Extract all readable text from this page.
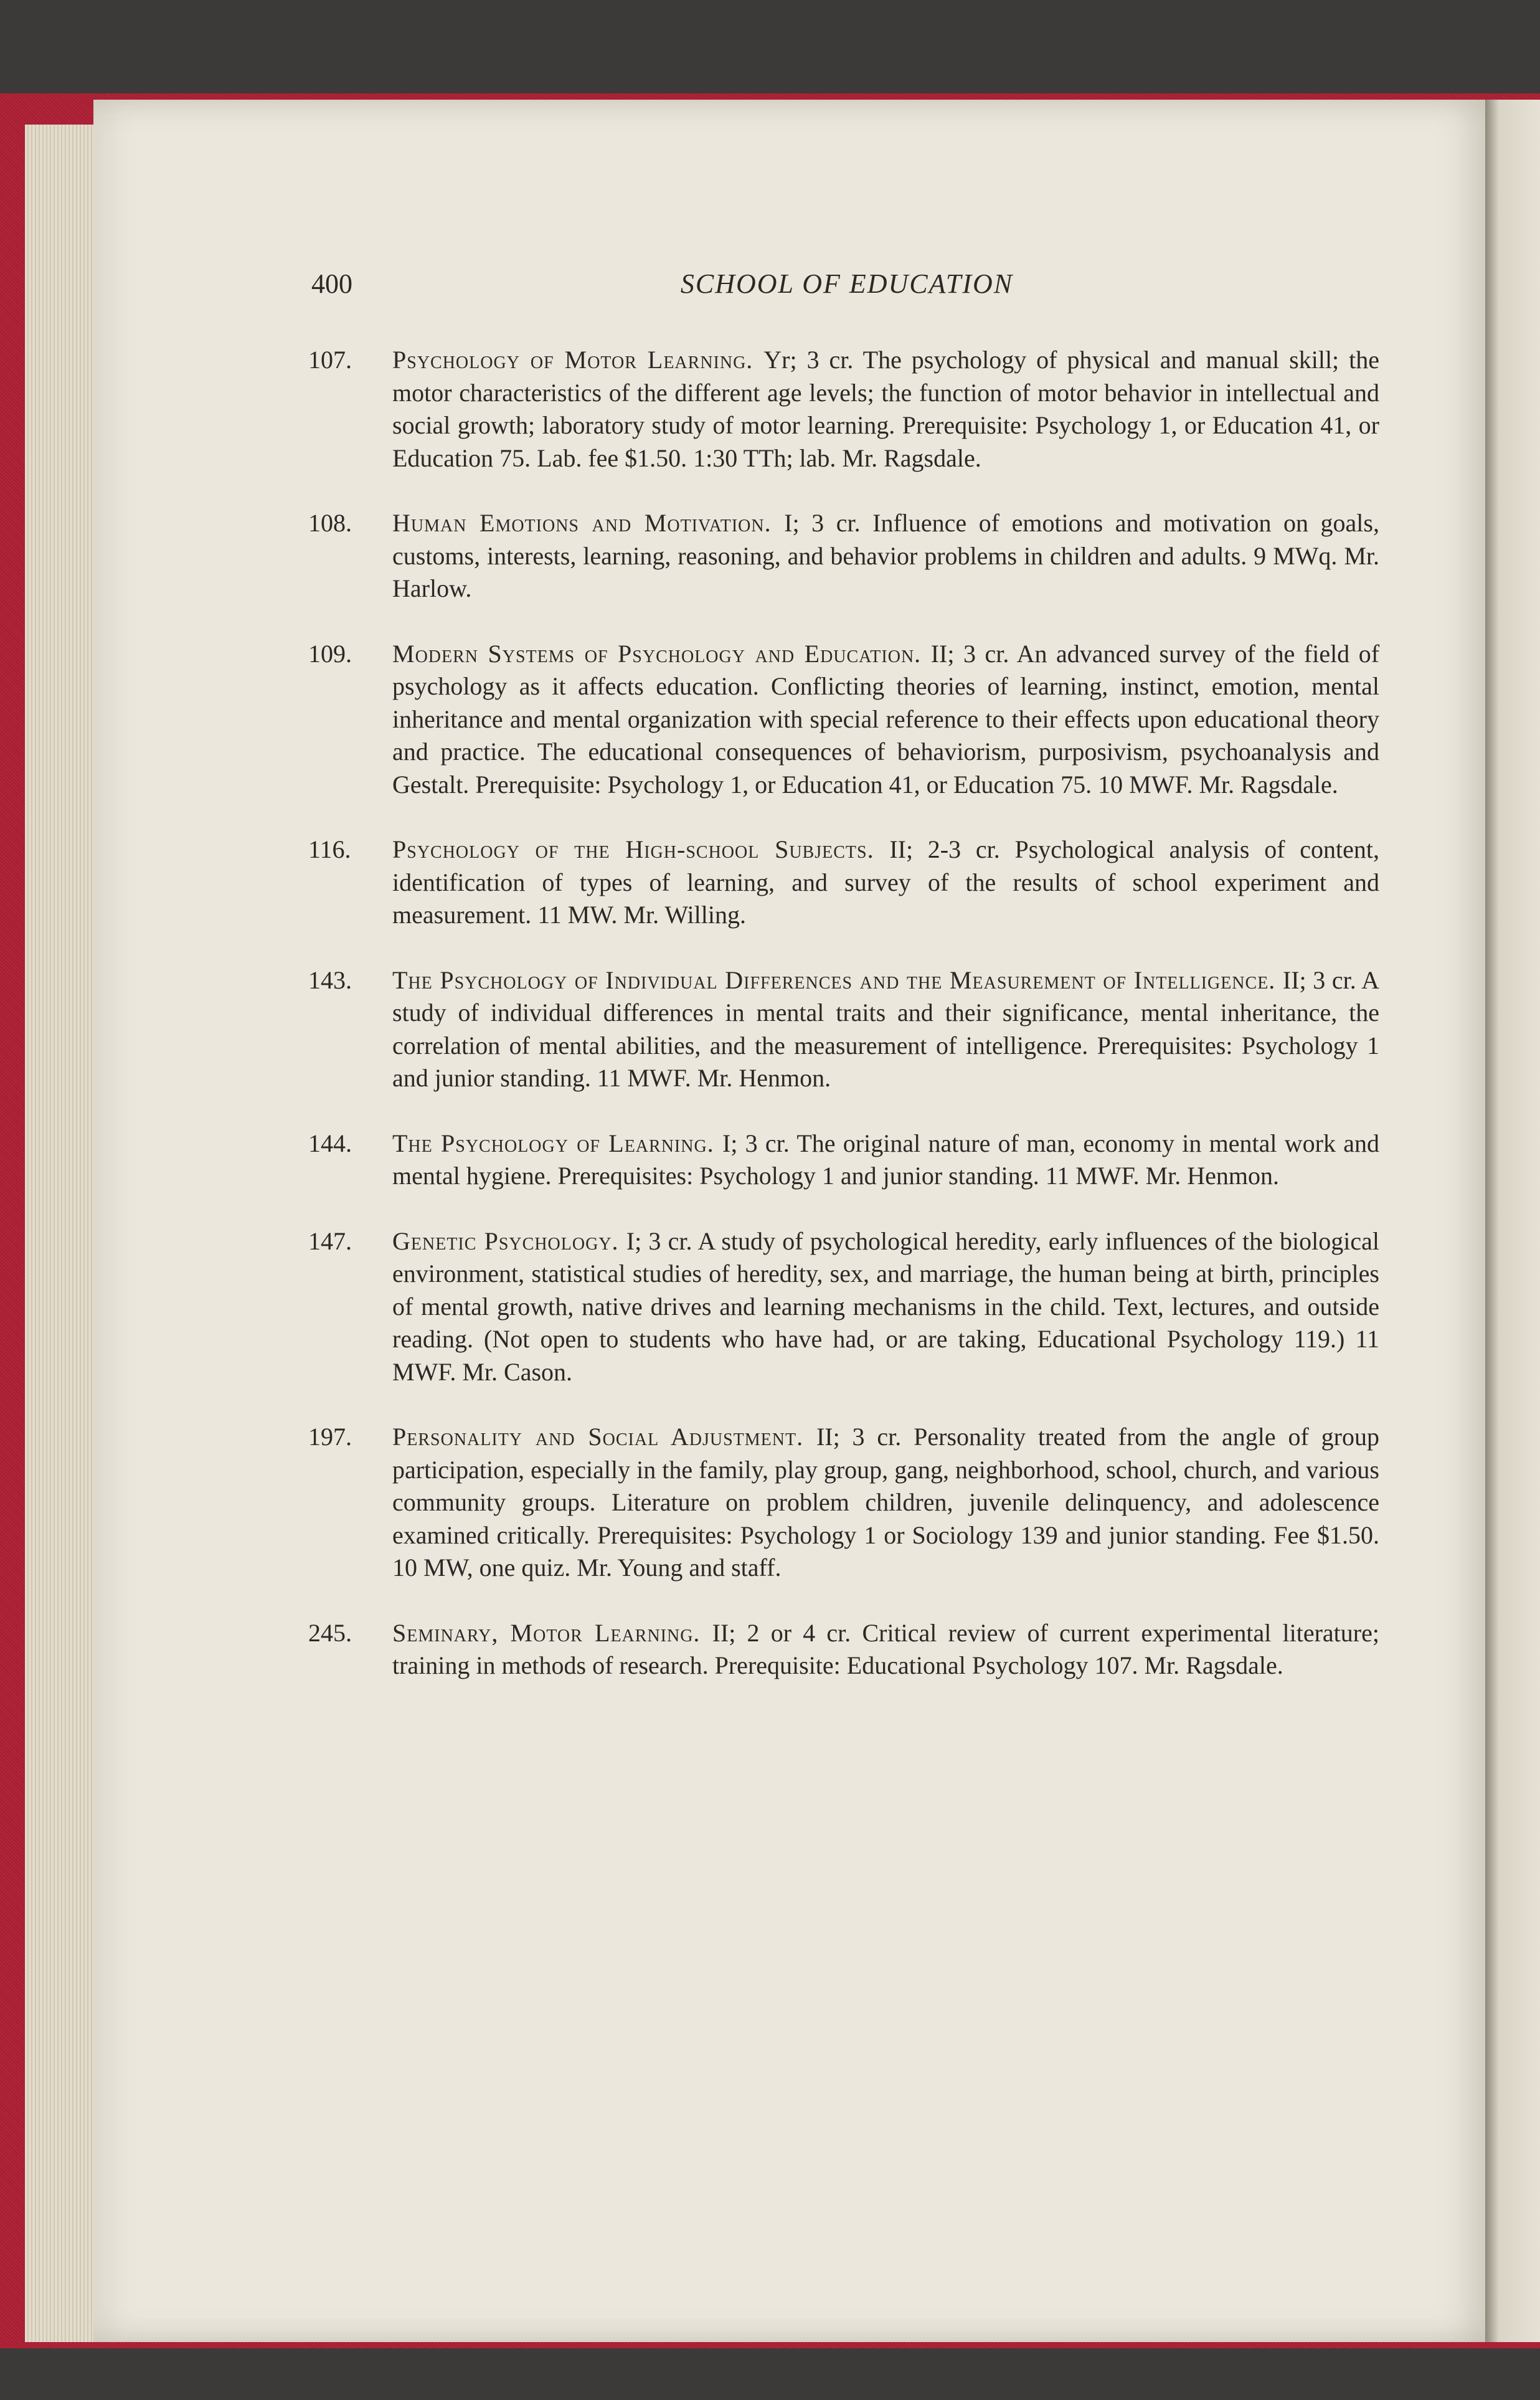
400	SCHOOL OF EDUCATION
107. Psychology of Motor Learning. Yr; 3 cr. The psychology of physical and manual skill; the motor characteristics of the different age levels; the function of motor behavior in intellectual and social growth; laboratory study of motor learning. Prerequisite: Psychology 1, or Education 41, or Education 75. Lab. fee $1.50. 1:30 TTh; lab. Mr. Ragsdale.
108. Human Emotions and Motivation. I; 3 cr. Influence of emotions and motivation on goals, customs, interests, learning, reasoning, and behavior problems in children and adults. 9 MWq. Mr. Harlow.
109. Modern Systems of Psychology and Education. II; 3 cr. An advanced survey of the field of psychology as it affects education. Conflicting theories of learning, instinct, emotion, mental inheritance and mental organization with special reference to their effects upon educational theory and practice. The educational consequences of behaviorism, purposivism, psychoanalysis and Gestalt. Prerequisite: Psychology 1, or Education 41, or Education 75. 10 MWF. Mr. Ragsdale.
116. Psychology of the High-school Subjects. II; 2-3 cr. Psychological analysis of content, identification of types of learning, and survey of the results of school experiment and measurement. 11 MW. Mr. Willing.
143. The Psychology of Individual Differences and the Measurement of Intelligence. II; 3 cr. A study of individual differences in mental traits and their significance, mental inheritance, the correlation of mental abilities, and the measurement of intelligence. Prerequisites: Psychology 1 and junior standing. 11 MWF. Mr. Henmon.
144. The Psychology of Learning. I; 3 cr. The original nature of man, economy in mental work and mental hygiene. Prerequisites: Psychology 1 and junior standing. 11 MWF. Mr. Henmon.
147. Genetic Psychology. I; 3 cr. A study of psychological heredity, early influences of the biological environment, statistical studies of heredity, sex, and marriage, the human being at birth, principles of mental growth, native drives and learning mechanisms in the child. Text, lectures, and outside reading. (Not open to students who have had, or are taking, Educational Psychology 119.) 11 MWF. Mr. Cason.
197. Personality and Social Adjustment. II; 3 cr. Personality treated from the angle of group participation, especially in the family, play group, gang, neighborhood, school, church, and various community groups. Literature on problem children, juvenile delinquency, and adolescence examined critically. Prerequisites: Psychology 1 or Sociology 139 and junior standing. Fee $1.50. 10 MW, one quiz. Mr. Young and staff.
245. Seminary, Motor Learning. II; 2 or 4 cr. Critical review of current experimental literature; training in methods of research. Prerequisite: Educational Psychology 107. Mr. Ragsdale.
